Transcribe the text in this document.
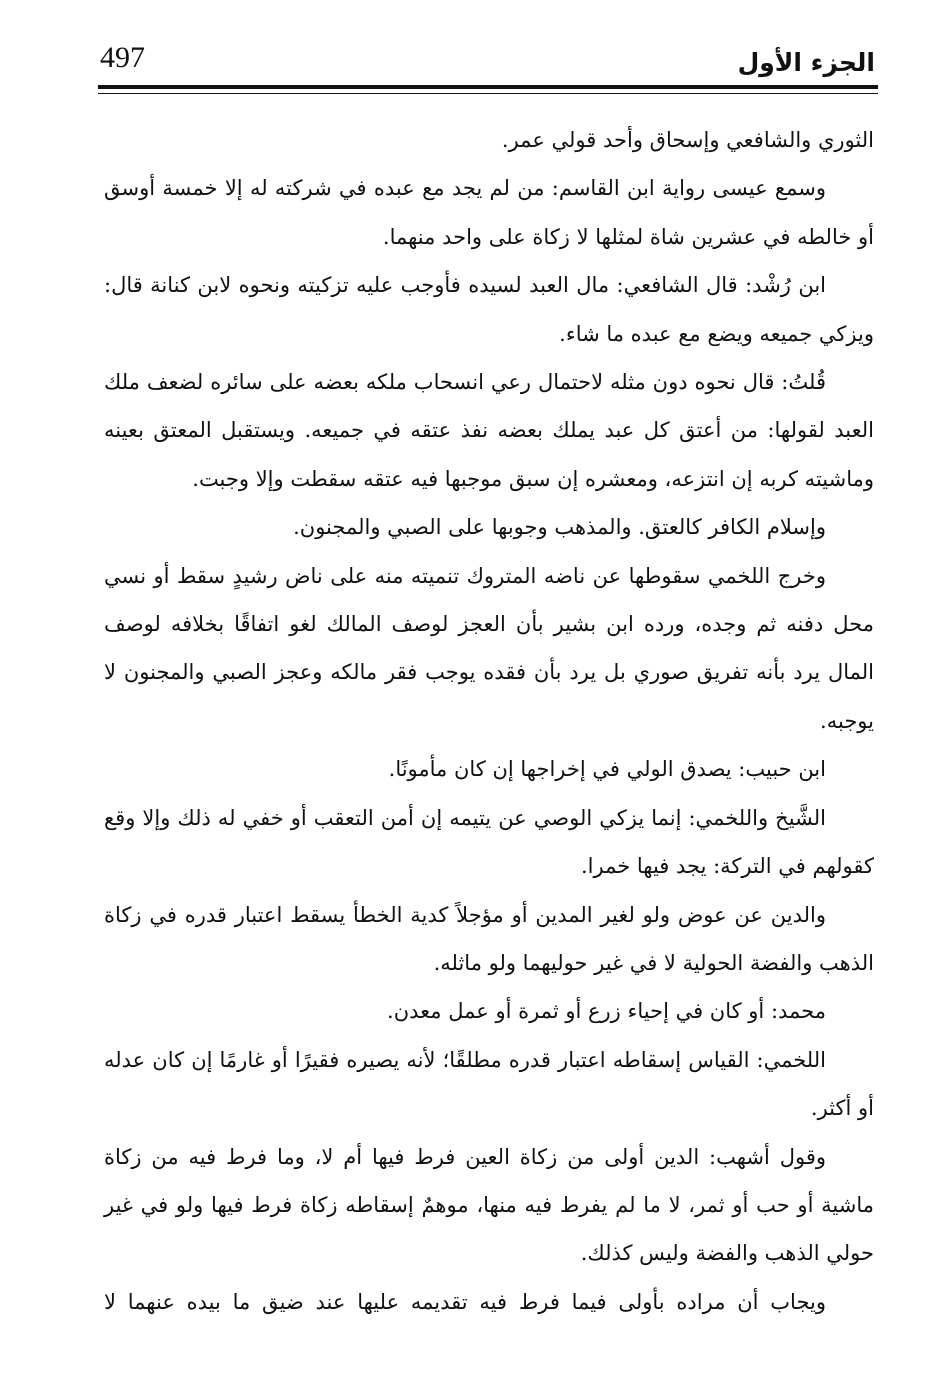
497	الجزء الأول

الثوري والشافعي وإسحاق وأحد قولي عمر.

وسمع عيسى رواية ابن القاسم: من لم يجد مع عبده في شركته له إلا خمسة أوسق أو خالطه في عشرين شاة لمثلها لا زكاة على واحد منهما.

ابن رُشْد: قال الشافعي: مال العبد لسيده فأوجب عليه تزكيته ونحوه لابن كنانة قال: ويزكي جميعه ويضع مع عبده ما شاء.

قُلتُ: قال نحوه دون مثله لاحتمال رعي انسحاب ملكه بعضه على سائره لضعف ملك العبد لقولها: من أعتق كل عبد يملك بعضه نفذ عتقه في جميعه. ويستقبل المعتق بعينه وماشيته كربه إن انتزعه، ومعشره إن سبق موجبها فيه عتقه سقطت وإلا وجبت.

وإسلام الكافر كالعتق. والمذهب وجوبها على الصبي والمجنون.

وخرج اللخمي سقوطها عن ناضه المتروك تنميته منه على ناض رشيدٍ سقط أو نسي محل دفنه ثم وجده، ورده ابن بشير بأن العجز لوصف المالك لغو اتفاقًا بخلافه لوصف المال يرد بأنه تفريق صوري بل يرد بأن فقده يوجب فقر مالكه وعجز الصبي والمجنون لا يوجبه.

ابن حبيب: يصدق الولي في إخراجها إن كان مأمونًا.

الشَّيخ واللخمي: إنما يزكي الوصي عن يتيمه إن أمن التعقب أو خفي له ذلك وإلا وقع كقولهم في التركة: يجد فيها خمرا.

والدين عن عوض ولو لغير المدين أو مؤجلاً كدية الخطأ يسقط اعتبار قدره في زكاة الذهب والفضة الحولية لا في غير حوليهما ولو ماثله.

محمد: أو كان في إحياء زرع أو ثمرة أو عمل معدن.

اللخمي: القياس إسقاطه اعتبار قدره مطلقًا؛ لأنه يصيره فقيرًا أو غارمًا إن كان عدله أو أكثر.

وقول أشهب: الدين أولى من زكاة العين فرط فيها أم لا، وما فرط فيه من زكاة ماشية أو حب أو ثمر، لا ما لم يفرط فيه منها، موهمٌ إسقاطه زكاة فرط فيها ولو في غير حولي الذهب والفضة وليس كذلك.

ويجاب أن مراده بأولى فيما فرط فيه تقديمه عليها عند ضيق ما بيده عنهما لا
